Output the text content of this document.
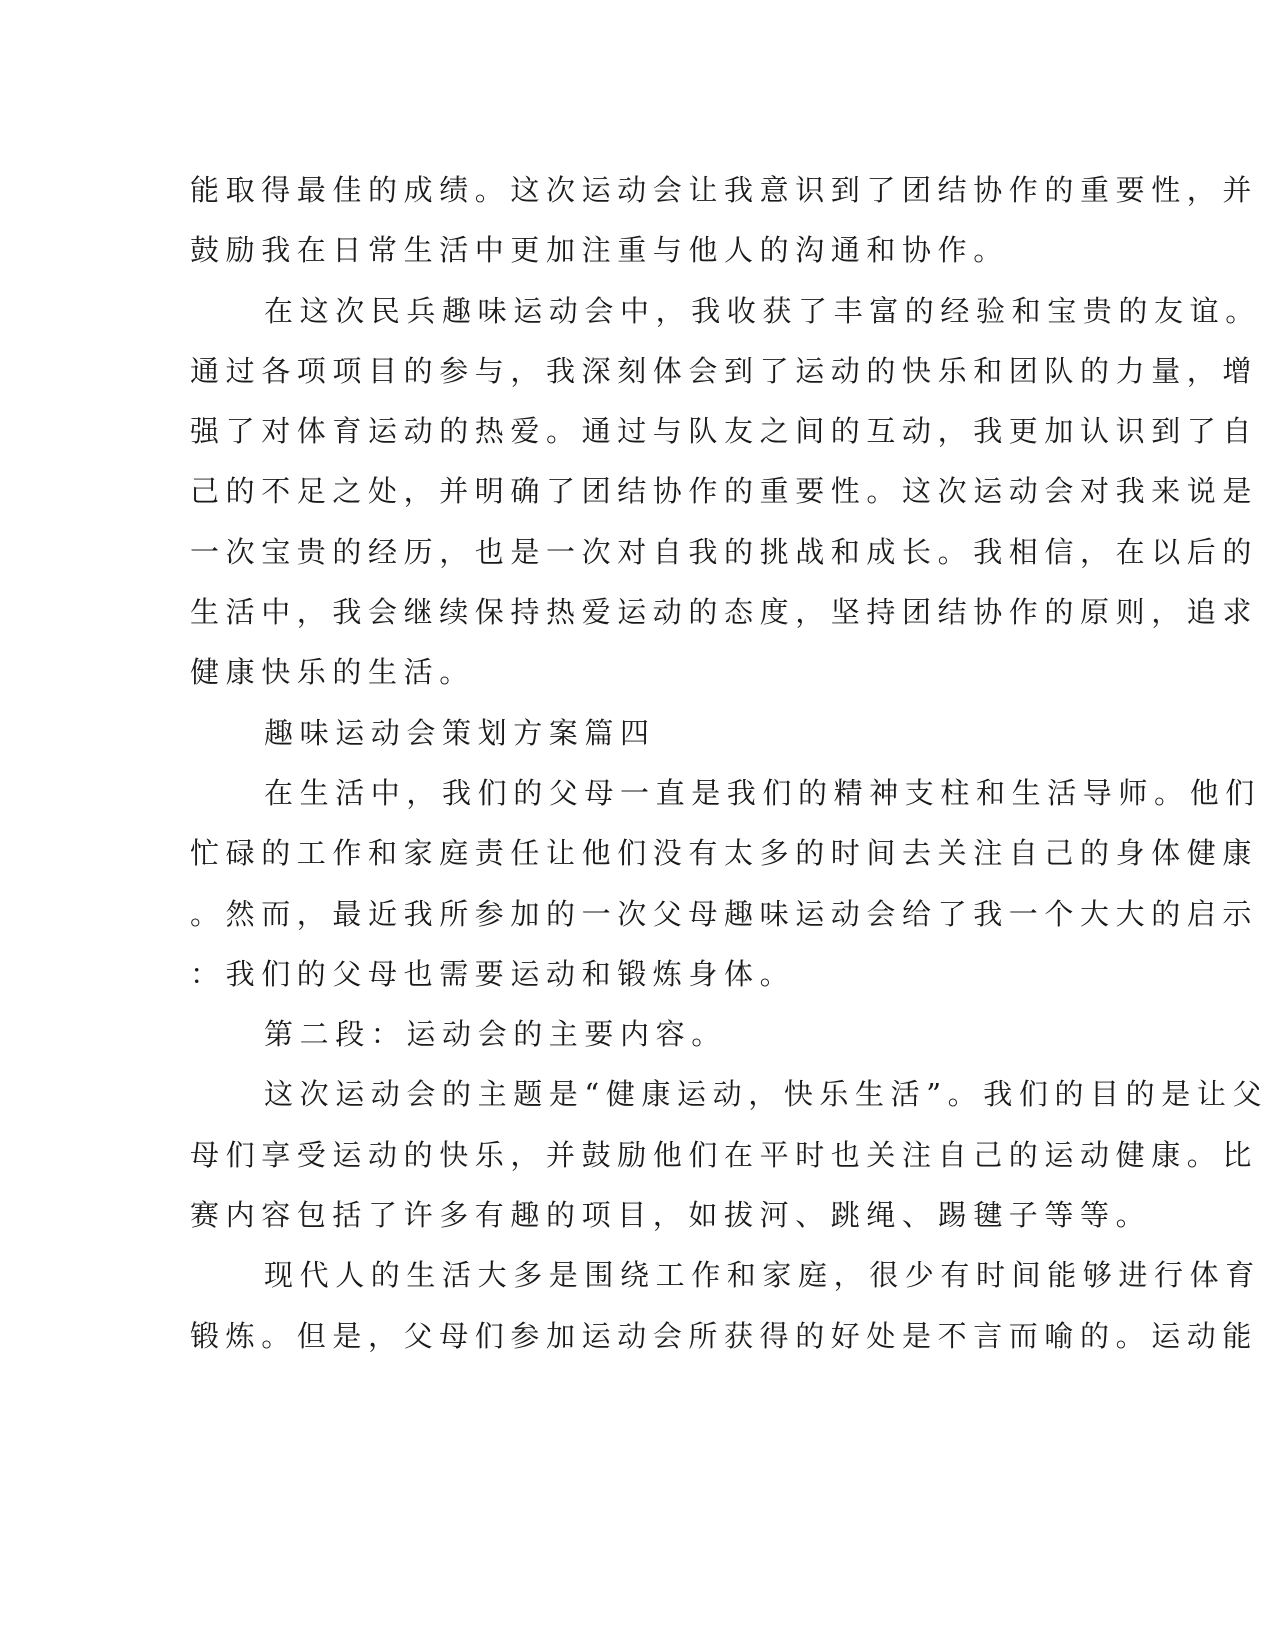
能取得最佳的成绩。这次运动会让我意识到了团结协作的重要性，并
鼓励我在日常生活中更加注重与他人的沟通和协作。
在这次民兵趣味运动会中，我收获了丰富的经验和宝贵的友谊。
通过各项项目的参与，我深刻体会到了运动的快乐和团队的力量，增
强了对体育运动的热爱。通过与队友之间的互动，我更加认识到了自
己的不足之处，并明确了团结协作的重要性。这次运动会对我来说是
一次宝贵的经历，也是一次对自我的挑战和成长。我相信，在以后的
生活中，我会继续保持热爱运动的态度，坚持团结协作的原则，追求
健康快乐的生活。
趣味运动会策划方案篇四
在生活中，我们的父母一直是我们的精神支柱和生活导师。他们
忙碌的工作和家庭责任让他们没有太多的时间去关注自己的身体健康
。然而，最近我所参加的一次父母趣味运动会给了我一个大大的启示
：我们的父母也需要运动和锻炼身体。
第二段：运动会的主要内容。
这次运动会的主题是“健康运动，快乐生活”。我们的目的是让父
母们享受运动的快乐，并鼓励他们在平时也关注自己的运动健康。比
赛内容包括了许多有趣的项目，如拔河、跳绳、踢毽子等等。
现代人的生活大多是围绕工作和家庭，很少有时间能够进行体育
锻炼。但是，父母们参加运动会所获得的好处是不言而喻的。运动能
